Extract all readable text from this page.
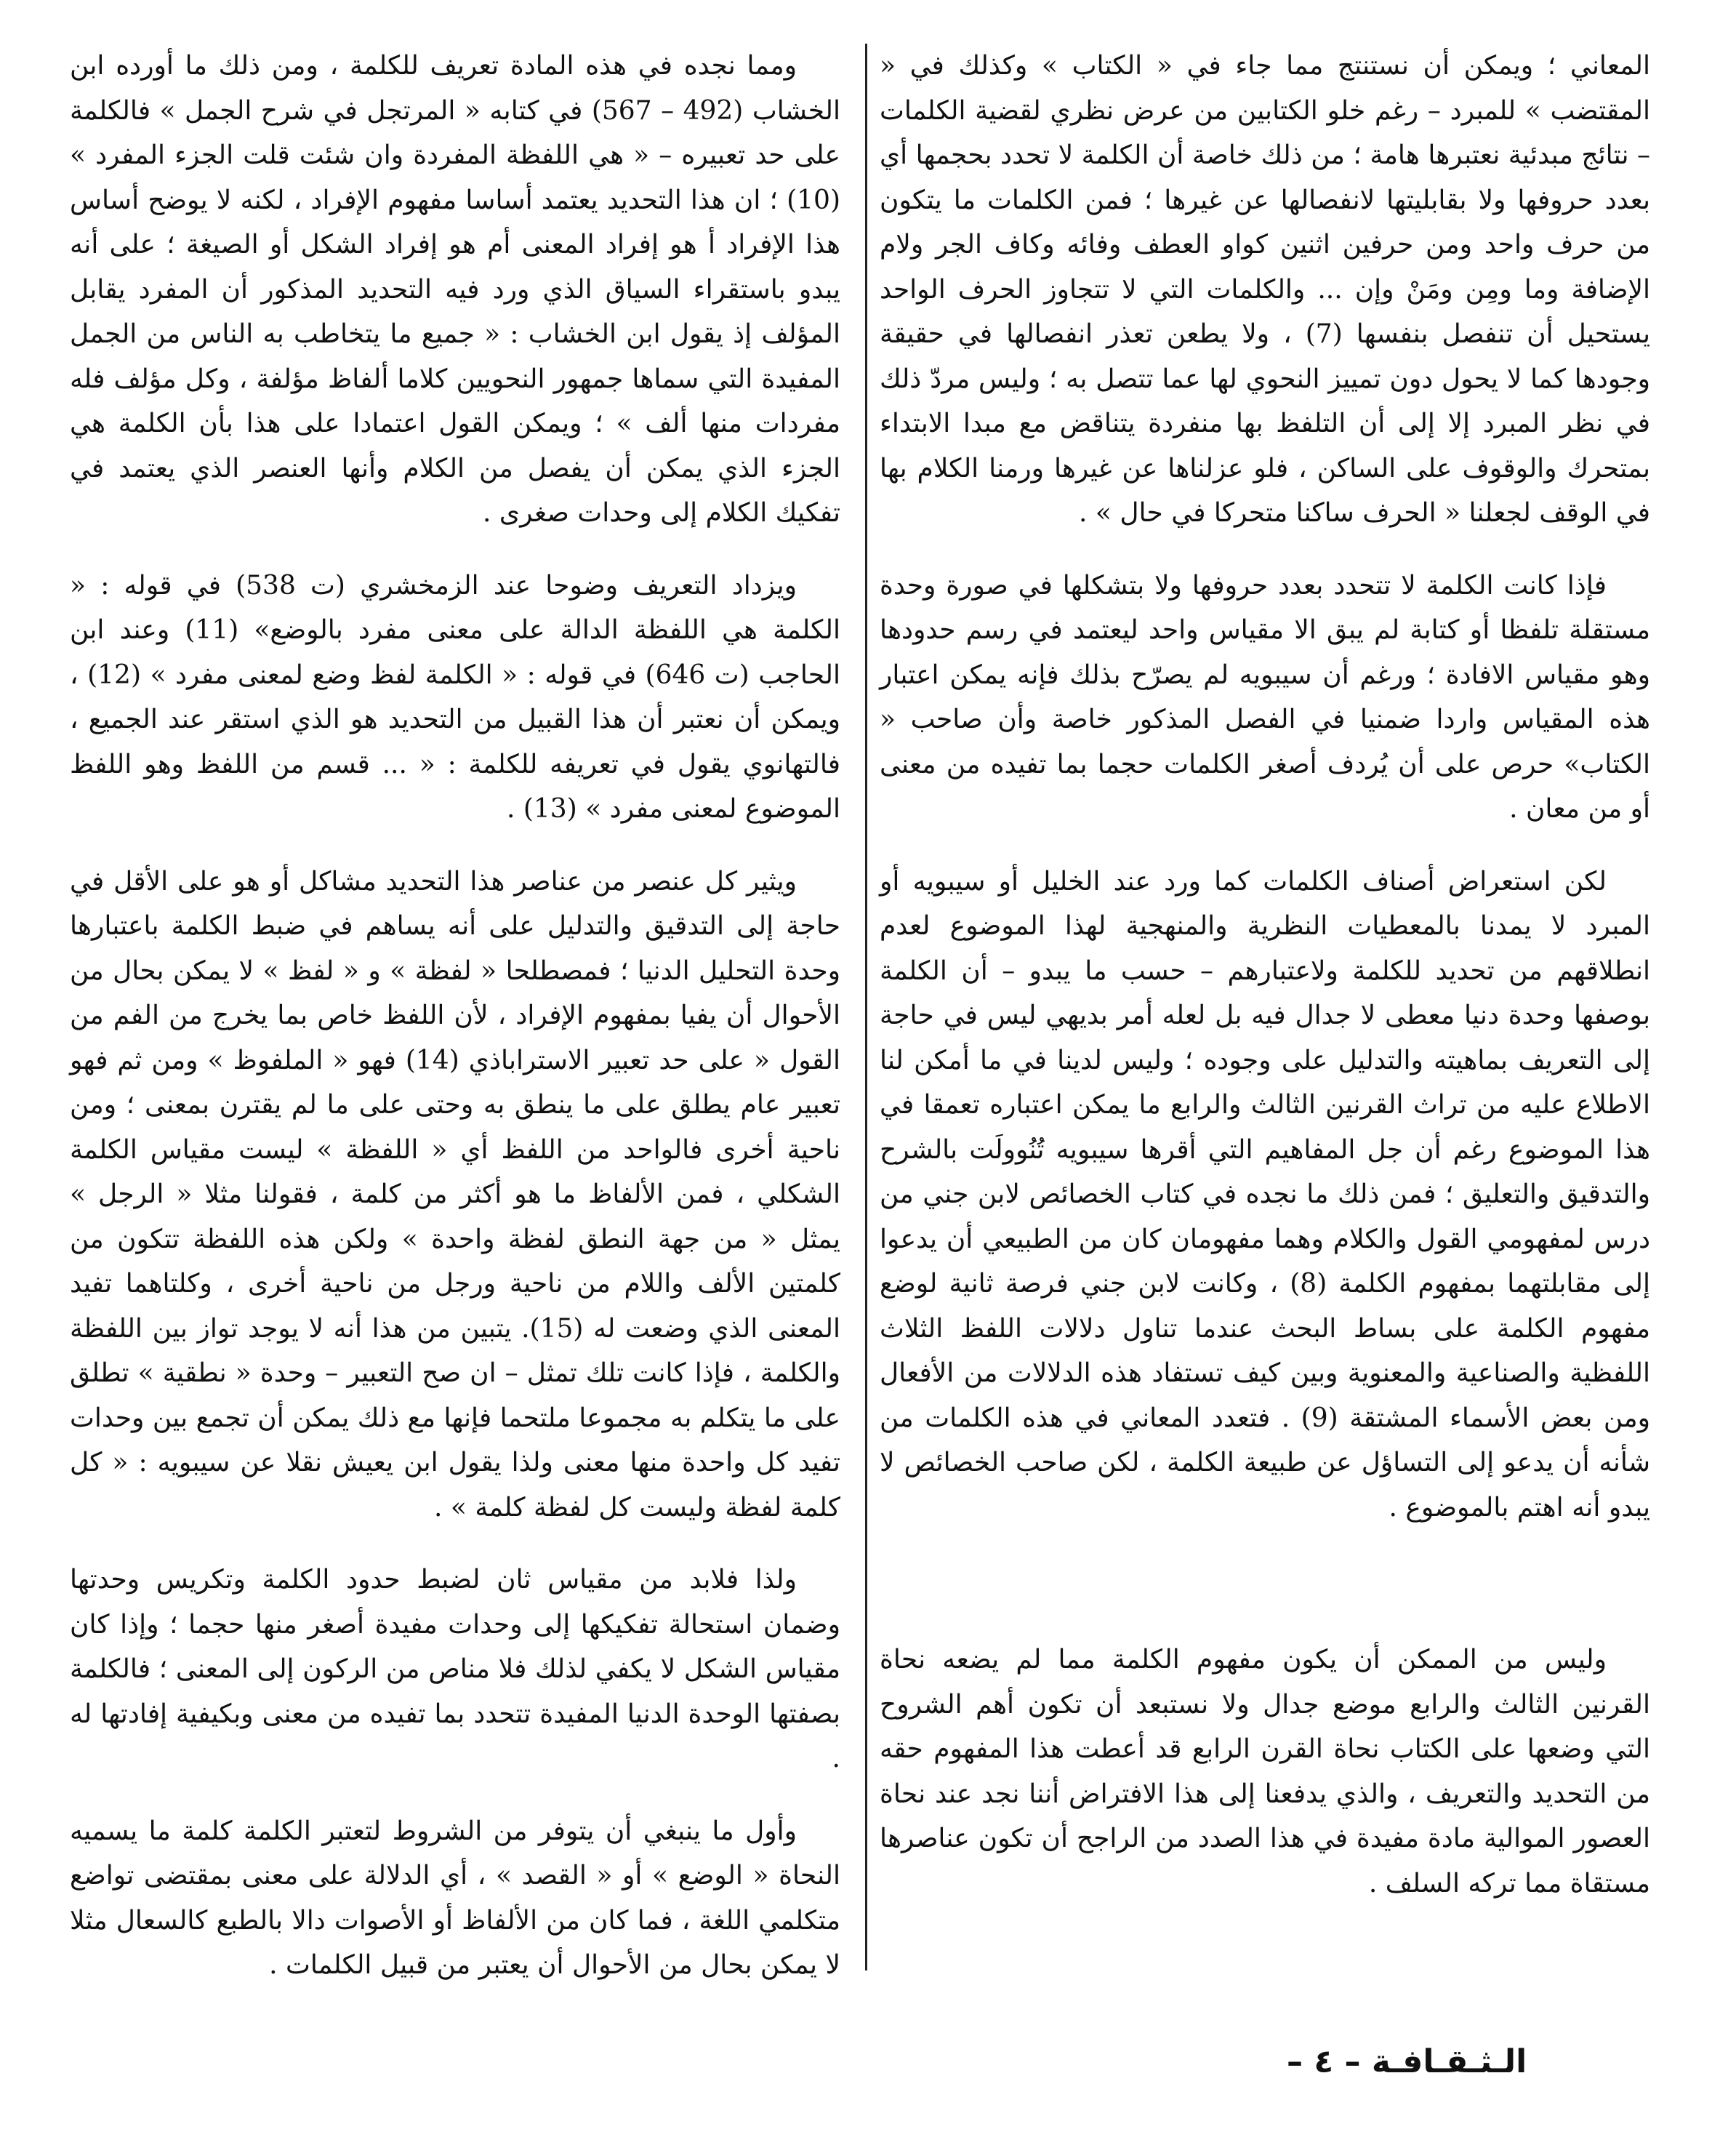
المعاني ؛ ويمكن أن نستنتج مما جاء في « الكتاب » وكذلك في « المقتضب » للمبرد – رغم خلو الكتابين من عرض نظري لقضية الكلمات – نتائج مبدئية نعتبرها هامة ؛ من ذلك خاصة أن الكلمة لا تحدد بحجمها أي بعدد حروفها ولا بقابليتها لانفصالها عن غيرها ؛ فمن الكلمات ما يتكون من حرف واحد ومن حرفين اثنين كواو العطف وفائه وكاف الجر ولام الإضافة وما ومِن ومَنْ وإن ... والكلمات التي لا تتجاوز الحرف الواحد يستحيل أن تنفصل بنفسها (7) ، ولا يطعن تعذر انفصالها في حقيقة وجودها كما لا يحول دون تمييز النحوي لها عما تتصل به ؛ وليس مردّ ذلك في نظر المبرد إلا إلى أن التلفظ بها منفردة يتناقض مع مبدا الابتداء بمتحرك والوقوف على الساكن ، فلو عزلناها عن غيرها ورمنا الكلام بها في الوقف لجعلنا « الحرف ساكنا متحركا في حال » .

فإذا كانت الكلمة لا تتحدد بعدد حروفها ولا بتشكلها في صورة وحدة مستقلة تلفظا أو كتابة لم يبق الا مقياس واحد لیعتمد في رسم حدودها وهو مقياس الافادة ؛ ورغم أن سيبويه لم يصرّح بذلك فإنه يمكن اعتبار هذه المقياس واردا ضمنيا في الفصل المذكور خاصة وأن صاحب « الكتاب» حرص على أن يُردف أصغر الكلمات حجما بما تفيده من معنى أو من معان .

لكن استعراض أصناف الكلمات كما ورد عند الخليل أو سيبويه أو المبرد لا يمدنا بالمعطيات النظرية والمنهجية لهذا الموضوع لعدم انطلاقهم من تحديد للكلمة ولاعتبارهم – حسب ما يبدو – أن الكلمة بوصفها وحدة دنيا معطى لا جدال فيه بل لعله أمر بديهي ليس في حاجة إلى التعريف بماهيته والتدليل على وجوده ؛ وليس لدينا في ما أمكن لنا الاطلاع عليه من تراث القرنين الثالث والرابع ما يمكن اعتباره تعمقا في هذا الموضوع رغم أن جل المفاهيم التي أقرها سيبويه تُنُوولَت بالشرح والتدقيق والتعليق ؛ فمن ذلك ما نجده في كتاب الخصائص لابن جني من درس لمفهومي القول والكلام وهما مفهومان كان من الطبيعي أن يدعوا إلى مقابلتهما بمفهوم الكلمة (8) ، وكانت لابن جني فرصة ثانية لوضع مفهوم الكلمة على بساط البحث عندما تناول دلالات اللفظ الثلاث اللفظية والصناعية والمعنوية وبين كيف تستفاد هذه الدلالات من الأفعال ومن بعض الأسماء المشتقة (9) . فتعدد المعاني في هذه الكلمات من شأنه أن يدعو إلى التساؤل عن طبيعة الكلمة ، لكن صاحب الخصائص لا يبدو أنه اهتم بالموضوع .

وليس من الممكن أن يكون مفهوم الكلمة مما لم يضعه نحاة القرنين الثالث والرابع موضع جدال ولا نستبعد أن تكون أهم الشروح التي وضعها على الكتاب نحاة القرن الرابع قد أعطت هذا المفهوم حقه من التحديد والتعريف ، والذي يدفعنا إلى هذا الافتراض أننا نجد عند نحاة العصور الموالية مادة مفيدة في هذا الصدد من الراجح أن تكون عناصرها مستقاة مما تركه السلف .

ومما نجده في هذه المادة تعريف للكلمة ، ومن ذلك ما أورده ابن الخشاب (492 – 567) في كتابه « المرتجل في شرح الجمل » فالكلمة على حد تعبيره – « هي اللفظة المفردة وان شئت قلت الجزء المفرد » (10) ؛ ان هذا التحديد يعتمد أساسا مفهوم الإفراد ، لكنه لا يوضح أساس هذا الإفراد أ هو إفراد المعنى أم هو إفراد الشكل أو الصيغة ؛ على أنه يبدو باستقراء السياق الذي ورد فيه التحديد المذكور أن المفرد يقابل المؤلف إذ يقول ابن الخشاب : « جميع ما يتخاطب به الناس من الجمل المفيدة التي سماها جمهور النحويين كلاما ألفاظ مؤلفة ، وكل مؤلف فله مفردات منها ألف » ؛ ويمكن القول اعتمادا على هذا بأن الكلمة هي الجزء الذي يمكن أن يفصل من الكلام وأنها العنصر الذي يعتمد في تفكيك الكلام إلى وحدات صغرى .

ويزداد التعريف وضوحا عند الزمخشري (ت 538) في قوله : « الكلمة هي اللفظة الدالة على معنى مفرد بالوضع» (11) وعند ابن الحاجب (ت 646) في قوله : « الكلمة لفظ وضع لمعنى مفرد » (12) ، ويمكن أن نعتبر أن هذا القبيل من التحديد هو الذي استقر عند الجميع ، فالتهانوي يقول في تعريفه للكلمة : « ... قسم من اللفظ وهو اللفظ الموضوع لمعنى مفرد » (13) .

ويثير كل عنصر من عناصر هذا التحديد مشاكل أو هو على الأقل في حاجة إلى التدقيق والتدليل على أنه يساهم في ضبط الكلمة باعتبارها وحدة التحليل الدنيا ؛ فمصطلحا « لفظة » و « لفظ » لا يمكن بحال من الأحوال أن يفيا بمفهوم الإفراد ، لأن اللفظ خاص بما يخرج من الفم من القول « على حد تعبير الاستراباذي (14) فهو « الملفوظ » ومن ثم فهو تعبير عام يطلق على ما ينطق به وحتى على ما لم يقترن بمعنى ؛ ومن ناحية أخرى فالواحد من اللفظ أي « اللفظة » ليست مقياس الكلمة الشكلي ، فمن الألفاظ ما هو أكثر من كلمة ، فقولنا مثلا « الرجل » يمثل « من جهة النطق لفظة واحدة » ولكن هذه اللفظة تتكون من كلمتين الألف واللام من ناحية ورجل من ناحية أخرى ، وكلتاهما تفيد المعنى الذي وضعت له (15). يتبين من هذا أنه لا يوجد تواز بين اللفظة والكلمة ، فإذا كانت تلك تمثل – ان صح التعبير – وحدة « نطقية » تطلق على ما يتكلم به مجموعا ملتحما فإنها مع ذلك يمكن أن تجمع بين وحدات تفيد كل واحدة منها معنى ولذا يقول ابن يعيش نقلا عن سيبويه : « كل كلمة لفظة وليست كل لفظة كلمة » .

ولذا فلابد من مقياس ثان لضبط حدود الكلمة وتكريس وحدتها وضمان استحالة تفكيكها إلى وحدات مفيدة أصغر منها حجما ؛ وإذا كان مقياس الشكل لا يكفي لذلك فلا مناص من الركون إلى المعنى ؛ فالكلمة بصفتها الوحدة الدنيا المفيدة تتحدد بما تفيده من معنى وبكيفية إفادتها له .

وأول ما ينبغي أن يتوفر من الشروط لتعتبر الكلمة كلمة ما يسميه النحاة « الوضع » أو « القصد » ، أي الدلالة على معنى بمقتضى تواضع متكلمي اللغة ، فما كان من الألفاظ أو الأصوات دالا بالطبع كالسعال مثلا لا يمكن بحال من الأحوال أن يعتبر من قبيل الكلمات .

الـثـقـافـة – ٤ –
